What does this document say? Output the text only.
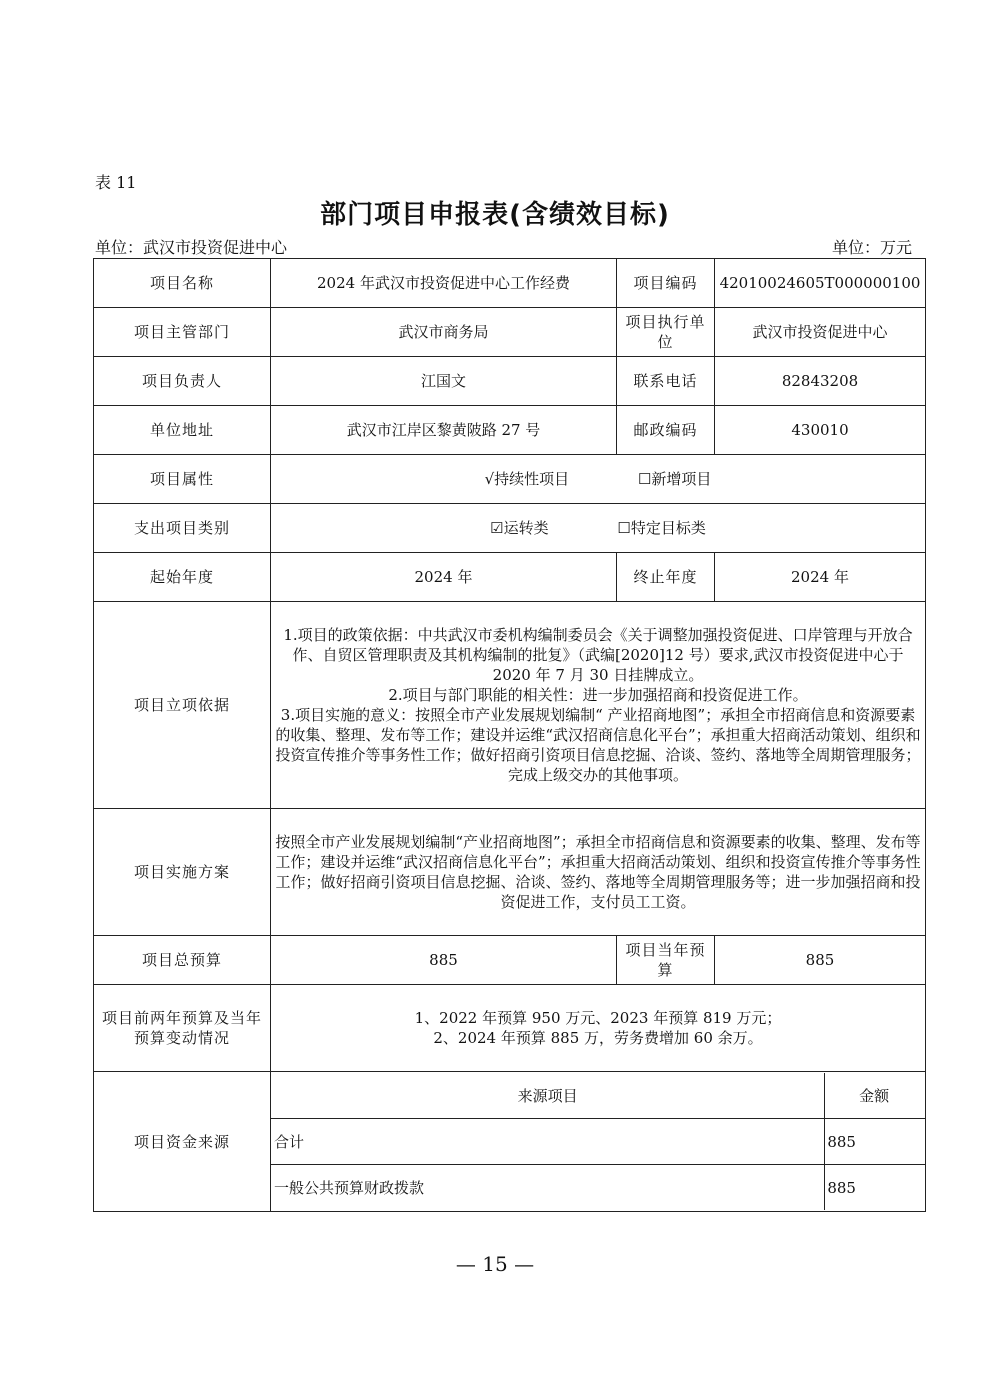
表 11
部门项目申报表(含绩效目标)
单位：武汉市投资促进中心	单位：万元
项目名称	2024 年武汉市投资促进中心工作经费	项目编码	42010024605T000000100
项目主管部门	武汉市商务局	项目执行单位	武汉市投资促进中心
项目负责人	江国文	联系电话	82843208
单位地址	武汉市江岸区黎黄陂路 27 号	邮政编码	430010
项目属性	√持续性项目	☐新增项目
支出项目类别	☑运转类	☐特定目标类
起始年度	2024 年	终止年度	2024 年
项目立项依据	1.项目的政策依据：中共武汉市委机构编制委员会《关于调整加强投资促进、口岸管理与开放合作、自贸区管理职责及其机构编制的批复》（武编[2020]12 号）要求,武汉市投资促进中心于 2020 年 7 月 30 日挂牌成立。
2.项目与部门职能的相关性：进一步加强招商和投资促进工作。
3.项目实施的意义：按照全市产业发展规划编制“ 产业招商地图”；承担全市招商信息和资源要素的收集、整理、发布等工作；建设并运维“武汉招商信息化平台”；承担重大招商活动策划、组织和投资宣传推介等事务性工作；做好招商引资项目信息挖掘、洽谈、签约、落地等全周期管理服务；完成上级交办的其他事项。
项目实施方案	按照全市产业发展规划编制“产业招商地图”；承担全市招商信息和资源要素的收集、整理、发布等工作；建设并运维“武汉招商信息化平台”；承担重大招商活动策划、组织和投资宣传推介等事务性工作；做好招商引资项目信息挖掘、洽谈、签约、落地等全周期管理服务等；进一步加强招商和投资促进工作，支付员工工资。
项目总预算	885	项目当年预算	885
项目前两年预算及当年预算变动情况	1、2022 年预算 950 万元、2023 年预算 819 万元；
2、2024 年预算 885 万，劳务费增加 60 余万。
项目资金来源	
来源项目	金额
合计	885
一般公共预算财政拨款	885
— 15 —
